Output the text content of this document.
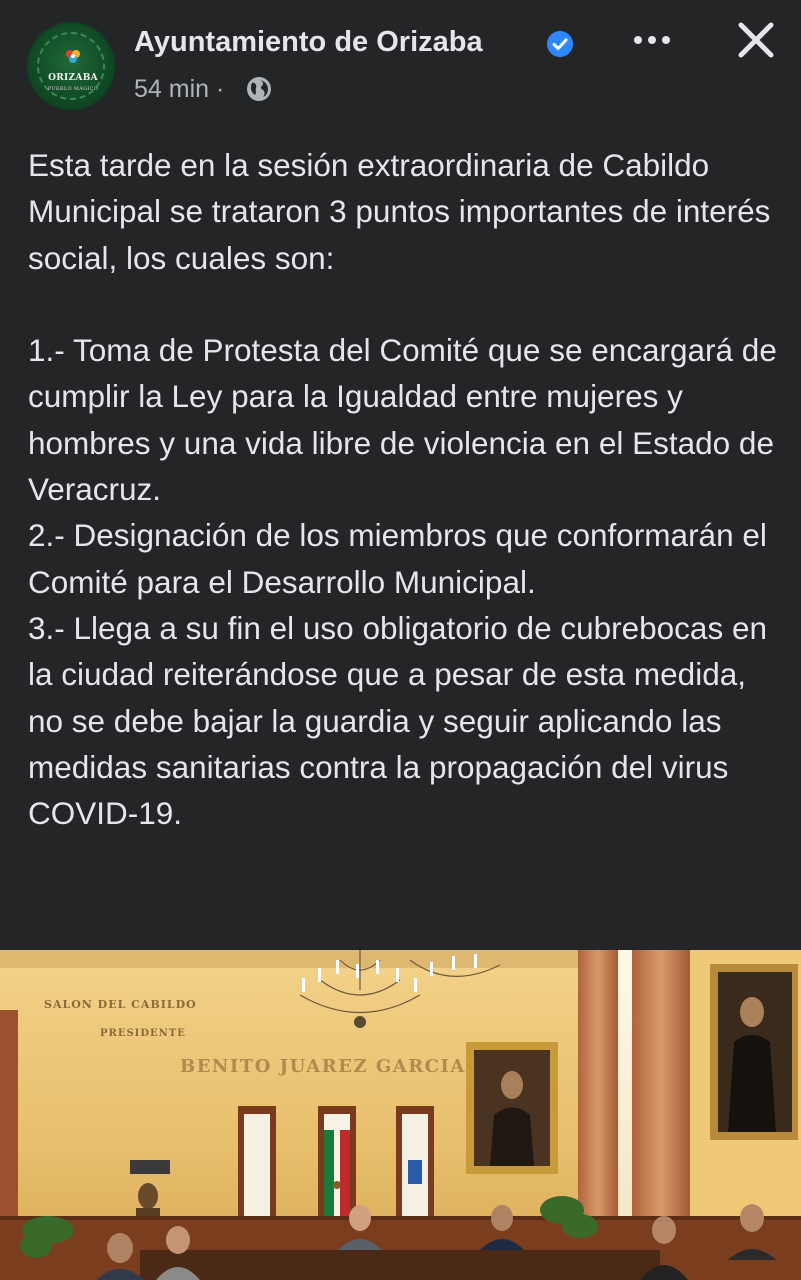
ORIZABA
PUEBLO MÁGICO
Ayuntamiento de Orizaba
54 min ·
Esta tarde en la sesión extraordinaria de Cabildo Municipal se trataron 3 puntos importantes de interés social, los cuales son:

1.- Toma de Protesta del Comité que se encargará de cumplir la Ley para la Igualdad entre mujeres y hombres y una vida libre de violencia en el Estado de Veracruz.
2.- Designación de los miembros que conformarán el Comité para el Desarrollo Municipal.
3.- Llega a su fin el uso obligatorio de cubrebocas en la ciudad reiterándose que a pesar de esta medida, no se debe bajar la guardia y seguir aplicando las medidas sanitarias contra la propagación del virus COVID-19.
SALON DEL CABILDO
PRESIDENTE
BENITO JUAREZ GARCIA
